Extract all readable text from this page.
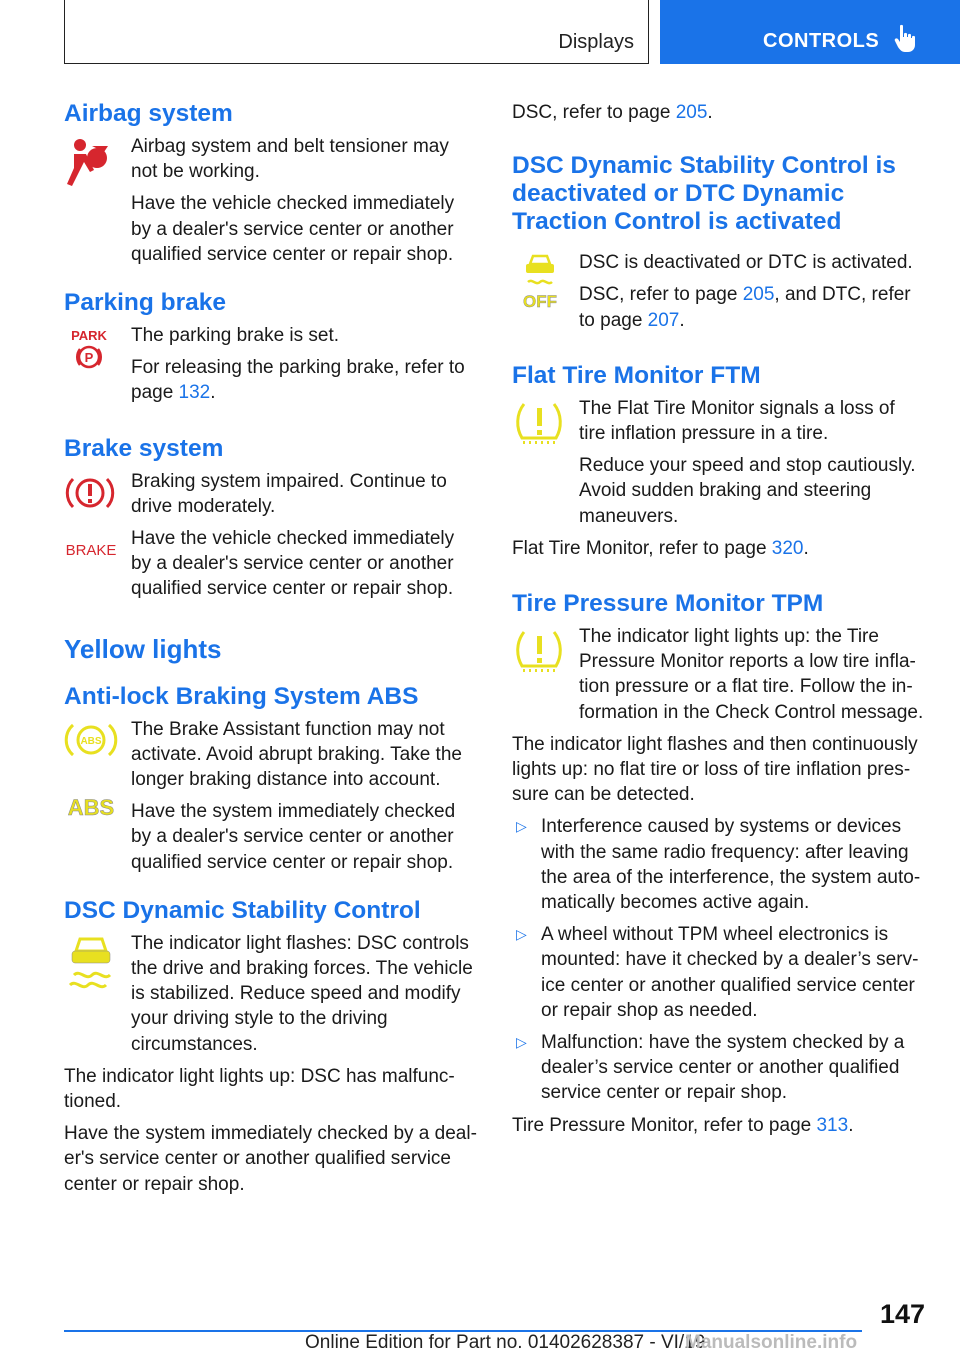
Displays	CONTROLS
Airbag system

Airbag system and belt tensioner may not be working.

Have the vehicle checked immediately by a dealer's service center or another qualified service center or repair shop.

Parking brake
PARK
P

The parking brake is set.

For releasing the parking brake, refer to page 132.

Brake system
BRAKE

Braking system impaired. Continue to drive moderately.

Have the vehicle checked immediately by a dealer's service center or another qualified service center or repair shop.

Yellow lights
Anti-lock Braking System ABS
ABS
ABS

The Brake Assistant function may not activate. Avoid abrupt braking. Take the longer braking distance into account.

Have the system immediately checked by a dealer's service center or another qualified service center or repair shop.

DSC Dynamic Stability Control

The indicator light flashes: DSC controls the drive and braking forces. The vehicle is stabilized. Reduce speed and modify your driving style to the driving circumstances.

The indicator light lights up: DSC has malfunctioned.

Have the system immediately checked by a dealer's service center or another qualified service center or repair shop.

DSC, refer to page 205.

DSC Dynamic Stability Control is deactivated or DTC Dynamic Traction Control is activated
OFF

DSC is deactivated or DTC is activated.

DSC, refer to page 205, and DTC, refer to page 207.

Flat Tire Monitor FTM

The Flat Tire Monitor signals a loss of tire inflation pressure in a tire.

Reduce your speed and stop cautiously. Avoid sudden braking and steering maneuvers.

Flat Tire Monitor, refer to page 320.

Tire Pressure Monitor TPM

The indicator light lights up: the Tire Pressure Monitor reports a low tire inflation pressure or a flat tire. Follow the information in the Check Control message.

The indicator light flashes and then continuously lights up: no flat tire or loss of tire inflation pressure can be detected.

▷ Interference caused by systems or devices with the same radio frequency: after leaving the area of the interference, the system automatically becomes active again.
▷ A wheel without TPM wheel electronics is mounted: have it checked by a dealer’s service center or another qualified service center or repair shop as needed.
▷ Malfunction: have the system checked by a dealer’s service center or another qualified service center or repair shop.

Tire Pressure Monitor, refer to page 313.

147
Online Edition for Part no. 01402628387 - VI/19
Manualsonline.info
